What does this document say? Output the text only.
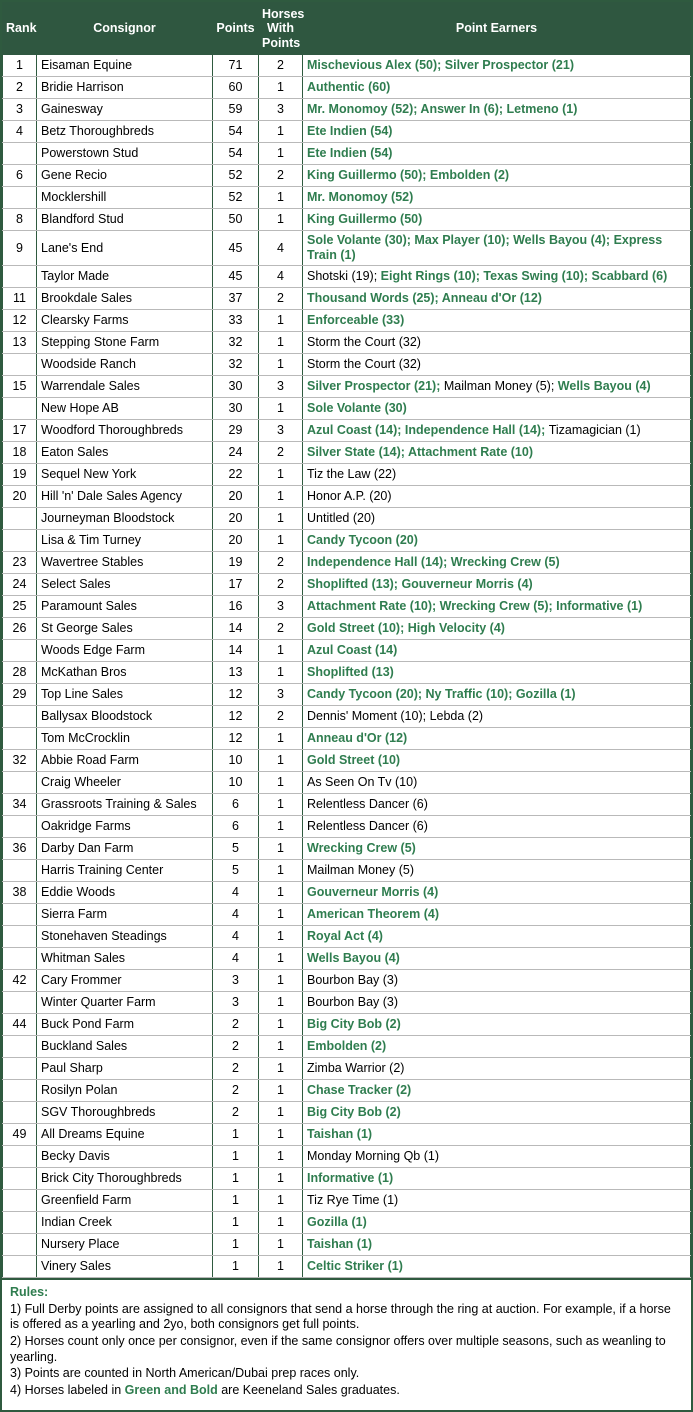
Rank	Consignor	Points	Horses With Points	Point Earners
1	Eisaman Equine	71	2	Mischevious Alex (50); Silver Prospector (21)
2	Bridie Harrison	60	1	Authentic (60)
3	Gainesway	59	3	Mr. Monomoy (52); Answer In (6); Letmeno (1)
4	Betz Thoroughbreds	54	1	Ete Indien (54)
	Powerstown Stud	54	1	Ete Indien (54)
6	Gene Recio	52	2	King Guillermo (50); Embolden (2)
	Mocklershill	52	1	Mr. Monomoy (52)
8	Blandford Stud	50	1	King Guillermo (50)
9	Lane's End	45	4	Sole Volante (30); Max Player (10); Wells Bayou (4); Express Train (1)
	Taylor Made	45	4	Shotski (19); Eight Rings (10); Texas Swing (10); Scabbard (6)
11	Brookdale Sales	37	2	Thousand Words (25); Anneau d'Or (12)
12	Clearsky Farms	33	1	Enforceable (33)
13	Stepping Stone Farm	32	1	Storm the Court (32)
	Woodside Ranch	32	1	Storm the Court (32)
15	Warrendale Sales	30	3	Silver Prospector (21); Mailman Money (5); Wells Bayou (4)
	New Hope AB	30	1	Sole Volante (30)
17	Woodford Thoroughbreds	29	3	Azul Coast (14); Independence Hall (14); Tizamagician (1)
18	Eaton Sales	24	2	Silver State (14); Attachment Rate (10)
19	Sequel New York	22	1	Tiz the Law (22)
20	Hill 'n' Dale Sales Agency	20	1	Honor A.P. (20)
	Journeyman Bloodstock	20	1	Untitled (20)
	Lisa & Tim Turney	20	1	Candy Tycoon (20)
23	Wavertree Stables	19	2	Independence Hall (14); Wrecking Crew (5)
24	Select Sales	17	2	Shoplifted (13); Gouverneur Morris (4)
25	Paramount Sales	16	3	Attachment Rate (10); Wrecking Crew (5); Informative (1)
26	St George Sales	14	2	Gold Street (10); High Velocity (4)
	Woods Edge Farm	14	1	Azul Coast (14)
28	McKathan Bros	13	1	Shoplifted (13)
29	Top Line Sales	12	3	Candy Tycoon (20); Ny Traffic (10); Gozilla (1)
	Ballysax Bloodstock	12	2	Dennis' Moment (10); Lebda (2)
	Tom McCrocklin	12	1	Anneau d'Or (12)
32	Abbie Road Farm	10	1	Gold Street (10)
	Craig Wheeler	10	1	As Seen On Tv (10)
34	Grassroots Training & Sales	6	1	Relentless Dancer (6)
	Oakridge Farms	6	1	Relentless Dancer (6)
36	Darby Dan Farm	5	1	Wrecking Crew (5)
	Harris Training Center	5	1	Mailman Money (5)
38	Eddie Woods	4	1	Gouverneur Morris (4)
	Sierra Farm	4	1	American Theorem (4)
	Stonehaven Steadings	4	1	Royal Act (4)
	Whitman Sales	4	1	Wells Bayou (4)
42	Cary Frommer	3	1	Bourbon Bay (3)
	Winter Quarter Farm	3	1	Bourbon Bay (3)
44	Buck Pond Farm	2	1	Big City Bob (2)
	Buckland Sales	2	1	Embolden (2)
	Paul Sharp	2	1	Zimba Warrior (2)
	Rosilyn Polan	2	1	Chase Tracker (2)
	SGV Thoroughbreds	2	1	Big City Bob (2)
49	All Dreams Equine	1	1	Taishan (1)
	Becky Davis	1	1	Monday Morning Qb (1)
	Brick City Thoroughbreds	1	1	Informative (1)
	Greenfield Farm	1	1	Tiz Rye Time (1)
	Indian Creek	1	1	Gozilla (1)
	Nursery Place	1	1	Taishan (1)
	Vinery Sales	1	1	Celtic Striker (1)
Rules:

1) Full Derby points are assigned to all consignors that send a horse through the ring at auction. For example, if a horse is offered as a yearling and 2yo, both consignors get full points.

2) Horses count only once per consignor, even if the same consignor offers over multiple seasons, such as weanling to yearling.

3) Points are counted in North American/Dubai prep races only.

4) Horses labeled in Green and Bold are Keeneland Sales graduates.
